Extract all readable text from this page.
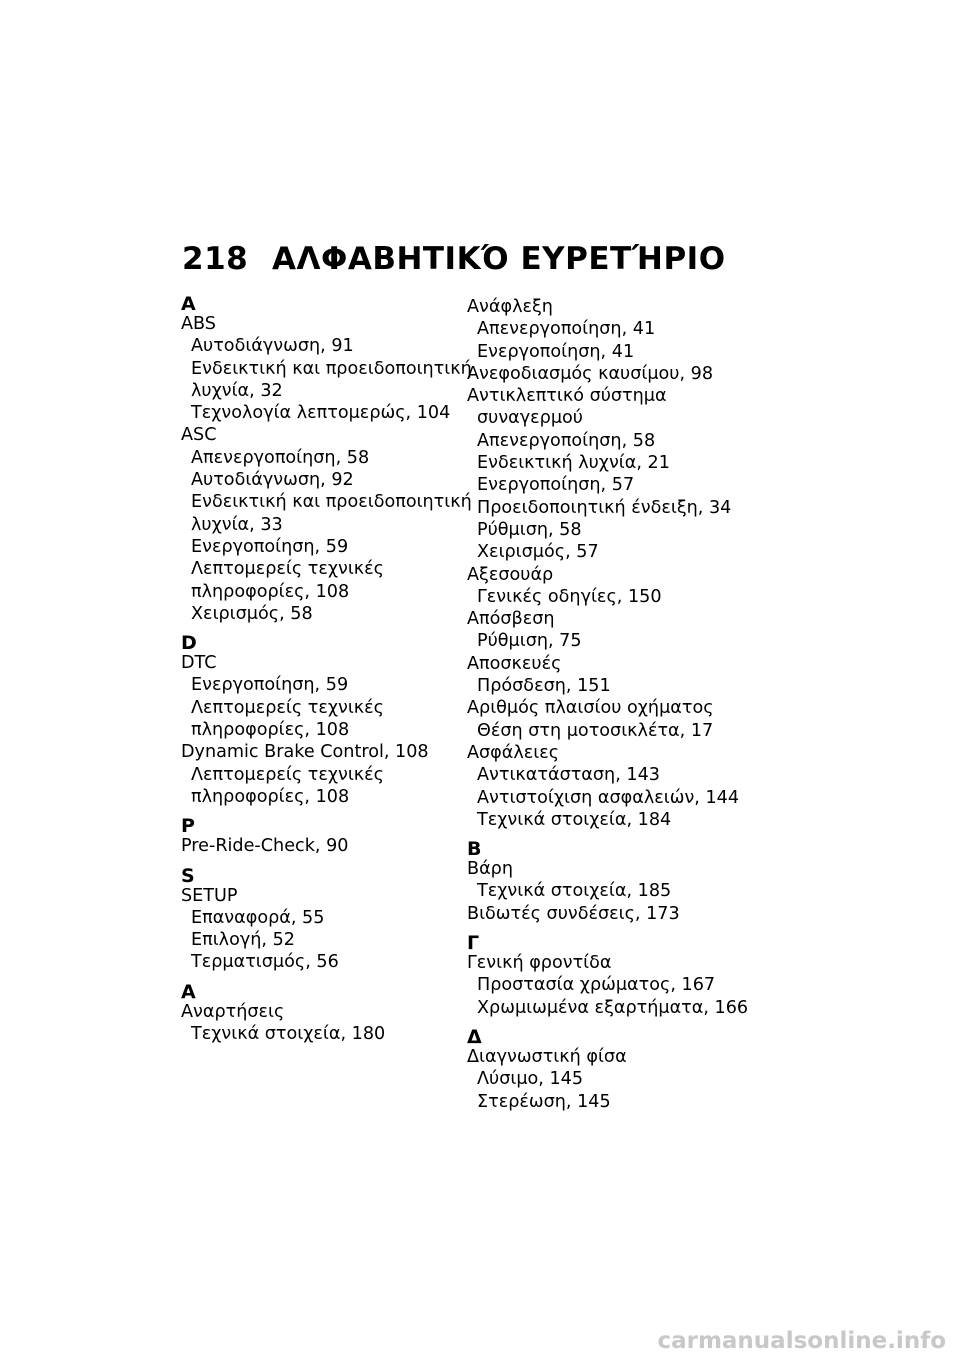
218 ΑΛΦΑΒΗΤΙΚΌ ΕΥΡΕΤΉΡΙΟ
A
ABS
Αυτοδιάγνωση, 91
Ενδεικτική και προειδοποιητική
λυχνία, 32
Τεχνολογία λεπτομερώς, 104
ASC
Απενεργοποίηση, 58
Αυτοδιάγνωση, 92
Ενδεικτική και προειδοποιητική
λυχνία, 33
Ενεργοποίηση, 59
Λεπτομερείς τεχνικές
πληροφορίες, 108
Χειρισμός, 58
D
DTC
Ενεργοποίηση, 59
Λεπτομερείς τεχνικές
πληροφορίες, 108
Dynamic Brake Control, 108
Λεπτομερείς τεχνικές
πληροφορίες, 108
P
Pre-Ride-Check, 90
S
SETUP
Επαναφορά, 55
Επιλογή, 52
Τερματισμός, 56
Α
Αναρτήσεις
Τεχνικά στοιχεία, 180
Ανάφλεξη
Απενεργοποίηση, 41
Ενεργοποίηση, 41
Ανεφοδιασμός καυσίμου, 98
Αντικλεπτικό σύστημα
συναγερμού
Απενεργοποίηση, 58
Ενδεικτική λυχνία, 21
Ενεργοποίηση, 57
Προειδοποιητική ένδειξη, 34
Ρύθμιση, 58
Χειρισμός, 57
Αξεσουάρ
Γενικές οδηγίες, 150
Απόσβεση
Ρύθμιση, 75
Αποσκευές
Πρόσδεση, 151
Αριθμός πλαισίου οχήματος
Θέση στη μοτοσικλέτα, 17
Ασφάλειες
Αντικατάσταση, 143
Αντιστοίχιση ασφαλειών, 144
Τεχνικά στοιχεία, 184
Β
Βάρη
Τεχνικά στοιχεία, 185
Βιδωτές συνδέσεις, 173
Γ
Γενική φροντίδα
Προστασία χρώματος, 167
Χρωμιωμένα εξαρτήματα, 166
Δ
Διαγνωστική φίσα
Λύσιμο, 145
Στερέωση, 145
carmanualsonline.info
